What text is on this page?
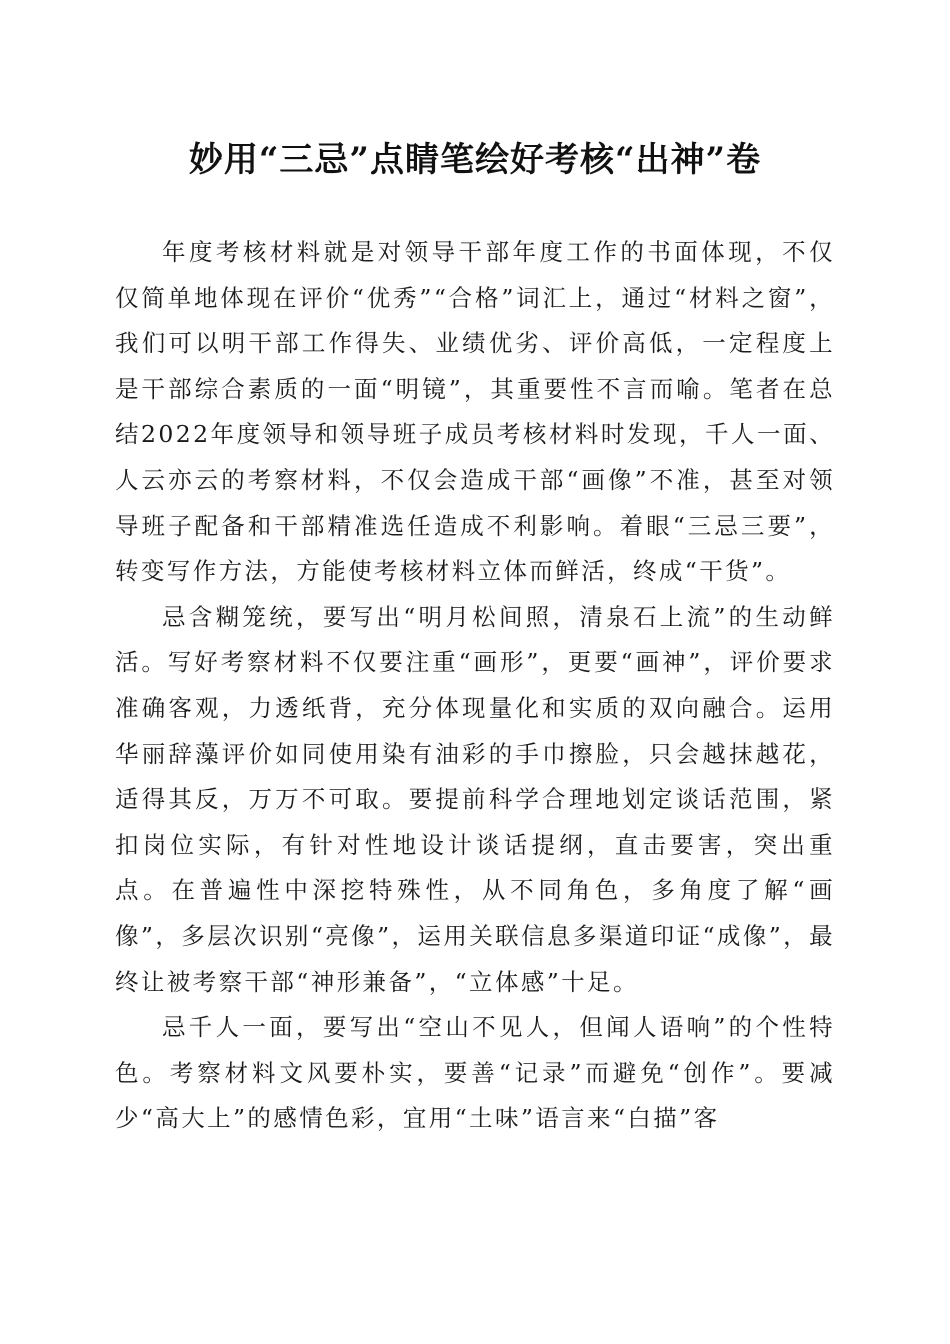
妙用“三忌”点睛笔绘好考核“出神”卷

年度考核材料就是对领导干部年度工作的书面体现，不仅仅简单地体现在评价“优秀”“合格”词汇上，通过“材料之窗”，我们可以明干部工作得失、业绩优劣、评价高低，一定程度上是干部综合素质的一面“明镜”，其重要性不言而喻。笔者在总结2022年度领导和领导班子成员考核材料时发现，千人一面、人云亦云的考察材料，不仅会造成干部“画像”不准，甚至对领导班子配备和干部精准选任造成不利影响。着眼“三忌三要”，转变写作方法，方能使考核材料立体而鲜活，终成“干货”。

忌含糊笼统，要写出“明月松间照，清泉石上流”的生动鲜活。写好考察材料不仅要注重“画形”，更要“画神”，评价要求准确客观，力透纸背，充分体现量化和实质的双向融合。运用华丽辞藻评价如同使用染有油彩的手巾擦脸，只会越抹越花，适得其反，万万不可取。要提前科学合理地划定谈话范围，紧扣岗位实际，有针对性地设计谈话提纲，直击要害，突出重点。在普遍性中深挖特殊性，从不同角色，多角度了解“画像”，多层次识别“亮像”，运用关联信息多渠道印证“成像”，最终让被考察干部“神形兼备”，“立体感”十足。

忌千人一面，要写出“空山不见人，但闻人语响”的个性特色。考察材料文风要朴实，要善“记录”而避免“创作”。要减少“高大上”的感情色彩，宜用“土味”语言来“白描”客
